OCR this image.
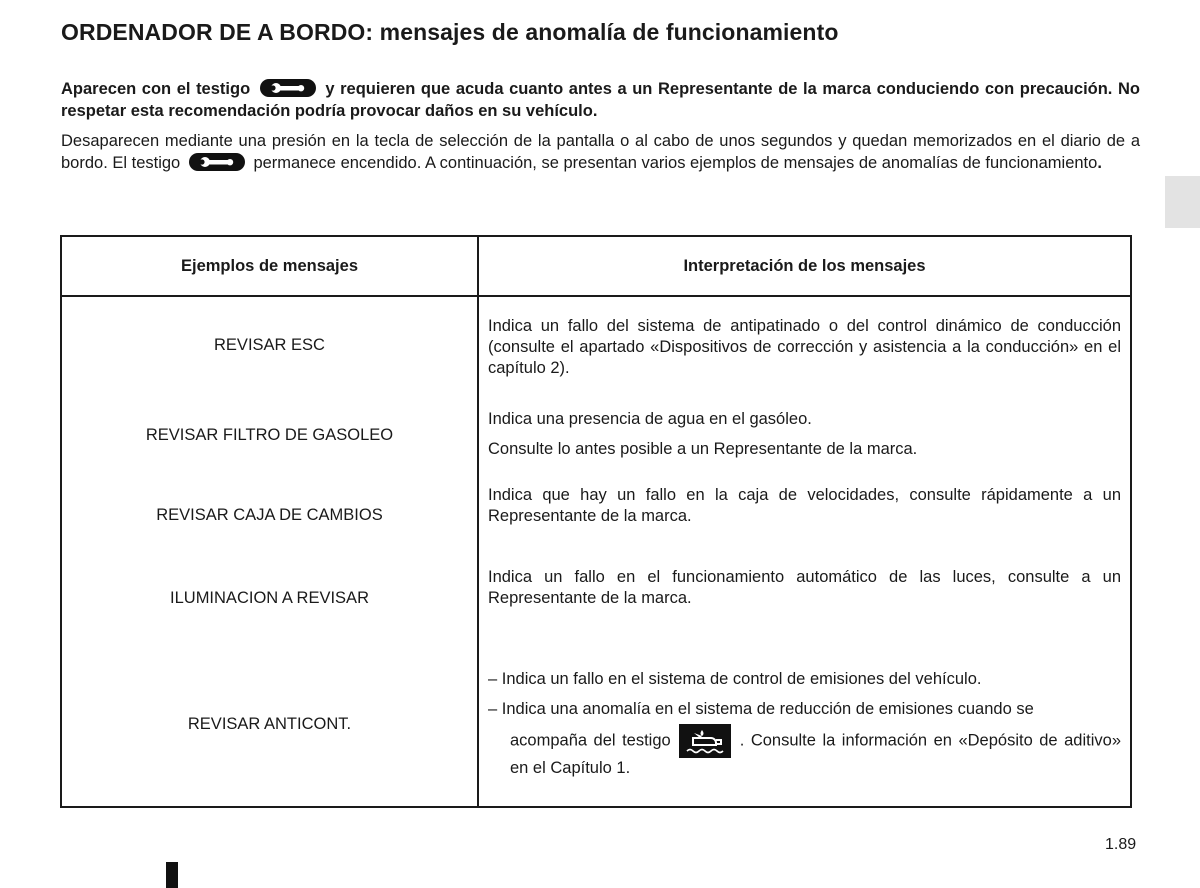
ORDENADOR DE A BORDO: mensajes de anomalía de funcionamiento

Aparecen con el testigo	y requieren que acuda cuanto antes a un Representante de la marca conduciendo con precaución. No respetar esta recomendación podría provocar daños en su vehículo.

Desaparecen mediante una presión en la tecla de selección de la pantalla o al cabo de unos segundos y quedan memorizados en el diario de a bordo. El testigo	permanece encendido. A continuación, se presentan varios ejemplos de mensajes de anomalías de funcionamiento.

Ejemplos de mensajes	Interpretación de los mensajes
REVISAR ESC	Indica un fallo del sistema de antipatinado o del control dinámico de conducción (consulte el apartado «Dispositivos de corrección y asistencia a la conducción» en el capítulo 2).

REVISAR FILTRO DE GASOLEO	Indica una presencia de agua en el gasóleo.

Consulte lo antes posible a un Representante de la marca.

REVISAR CAJA DE CAMBIOS	Indica que hay un fallo en la caja de velocidades, consulte rápidamente a un Representante de la marca.

ILUMINACION A REVISAR	Indica un fallo en el funcionamiento automático de las luces, consulte a un Representante de la marca.

REVISAR ANTICONT.	– Indica un fallo en el sistema de control de emisiones del vehículo.

– Indica una anomalía en el sistema de reducción de emisiones cuando se

acompaña del testigo . Consulte la información en «Depósito de aditivo» en el Capítulo 1.

1.89
